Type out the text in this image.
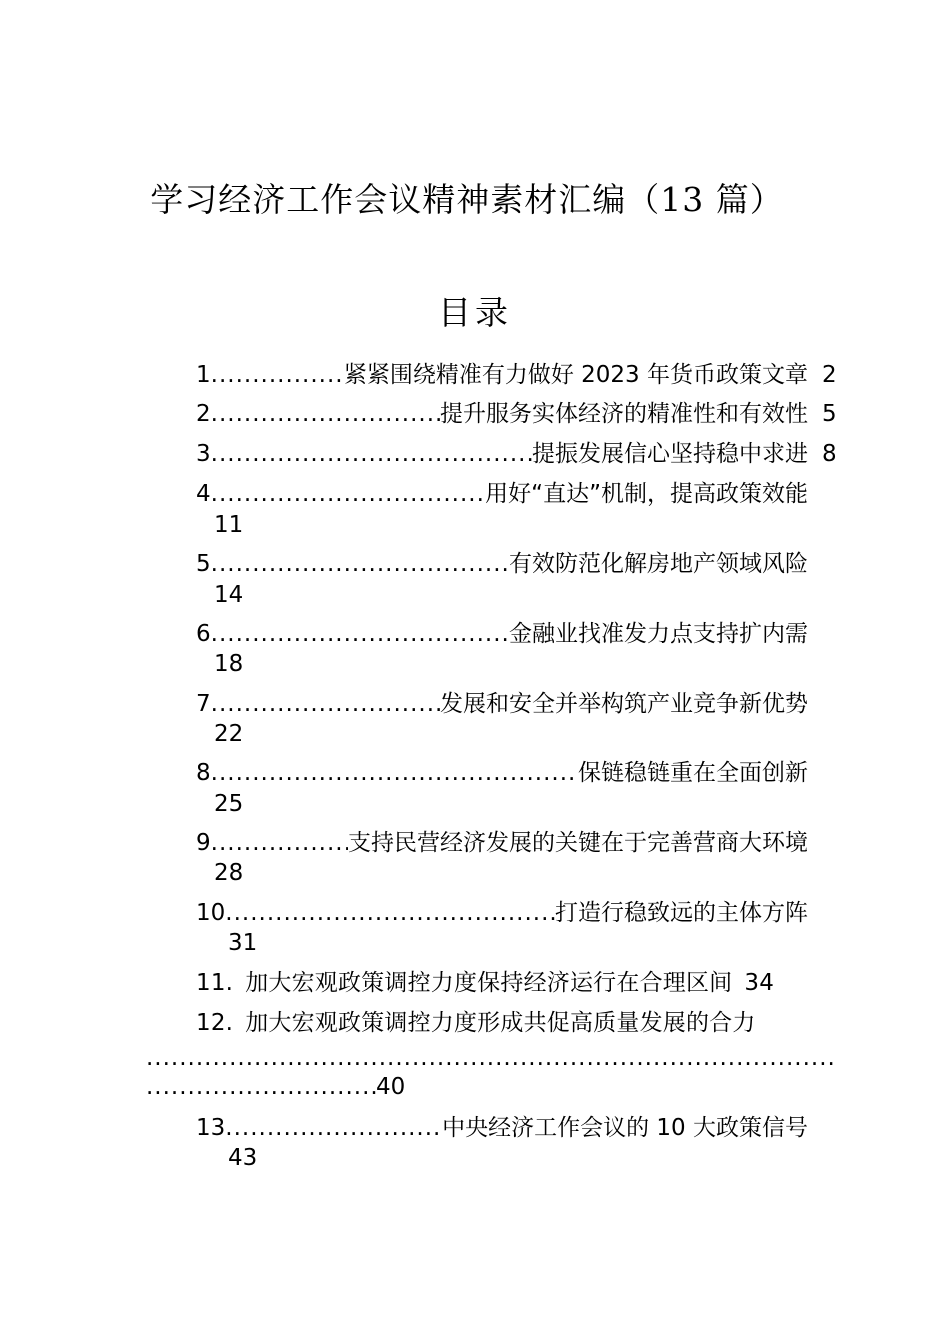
学习经济工作会议精神素材汇编（13 篇）
目录
1 .....	紧紧围绕精准有力做好 2023 年货币政策文章 2
2 .....	提升服务实体经济的精准性和有效性 5
3 .....	提振发展信心坚持稳中求进 8
4 .....	用好“直达”机制，提高政策效能
11
5 .....	有效防范化解房地产领域风险
14
6 .....	金融业找准发力点支持扩内需
18
7 .....	发展和安全并举构筑产业竞争新优势
22
8 .....	保链稳链重在全面创新
25
9 .....	支持民营经济发展的关键在于完善营商大环境
28
10 .....	打造行稳致远的主体方阵
31
11. 加大宏观政策调控力度保持经济运行在合理区间 34
12. 加大宏观政策调控力度形成共促高质量发展的合力
.....
.....
40
13 .....	中央经济工作会议的 10 大政策信号
43
